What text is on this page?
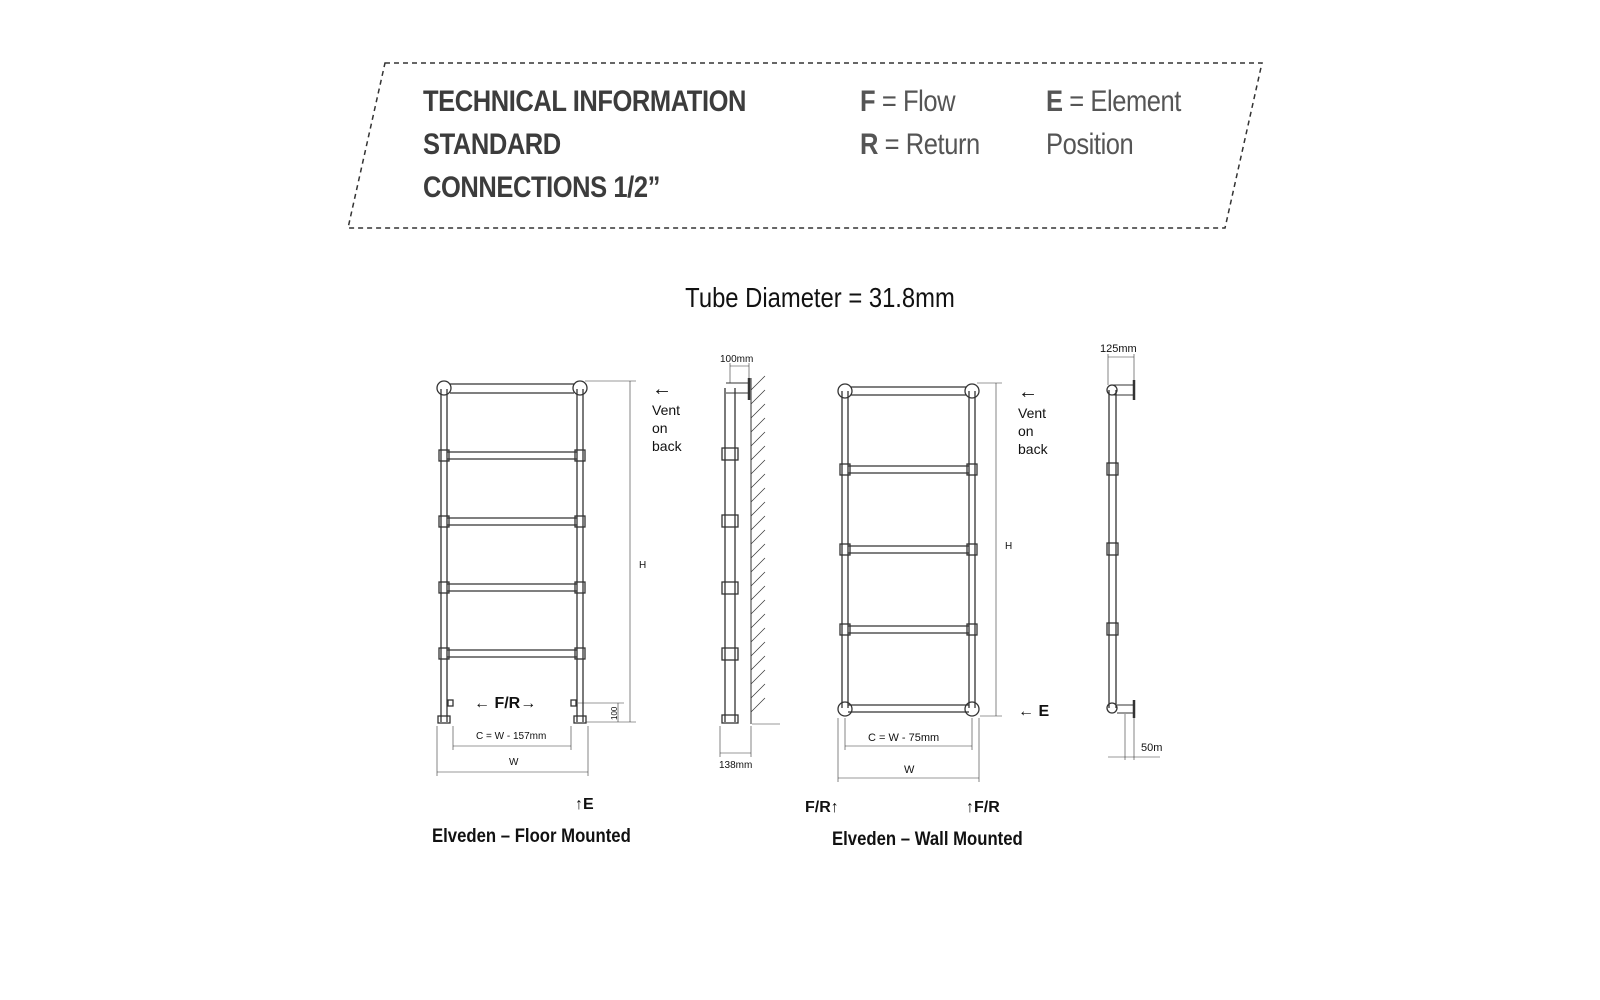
←
Vent
on
back
H
← F/R→
100
C = W - 157mm
W
↑E
100mm
138mm
←
Vent
on
back
H
← E
C = W - 75mm
W
F/R↑	↑F/R
125mm
50m
TECHNICAL INFORMATION
STANDARD
CONNECTIONS 1/2”
F = Flow
R = Return
E = Element
Position
Tube Diameter = 31.8mm
Elveden – Floor Mounted	Elveden – Wall Mounted
